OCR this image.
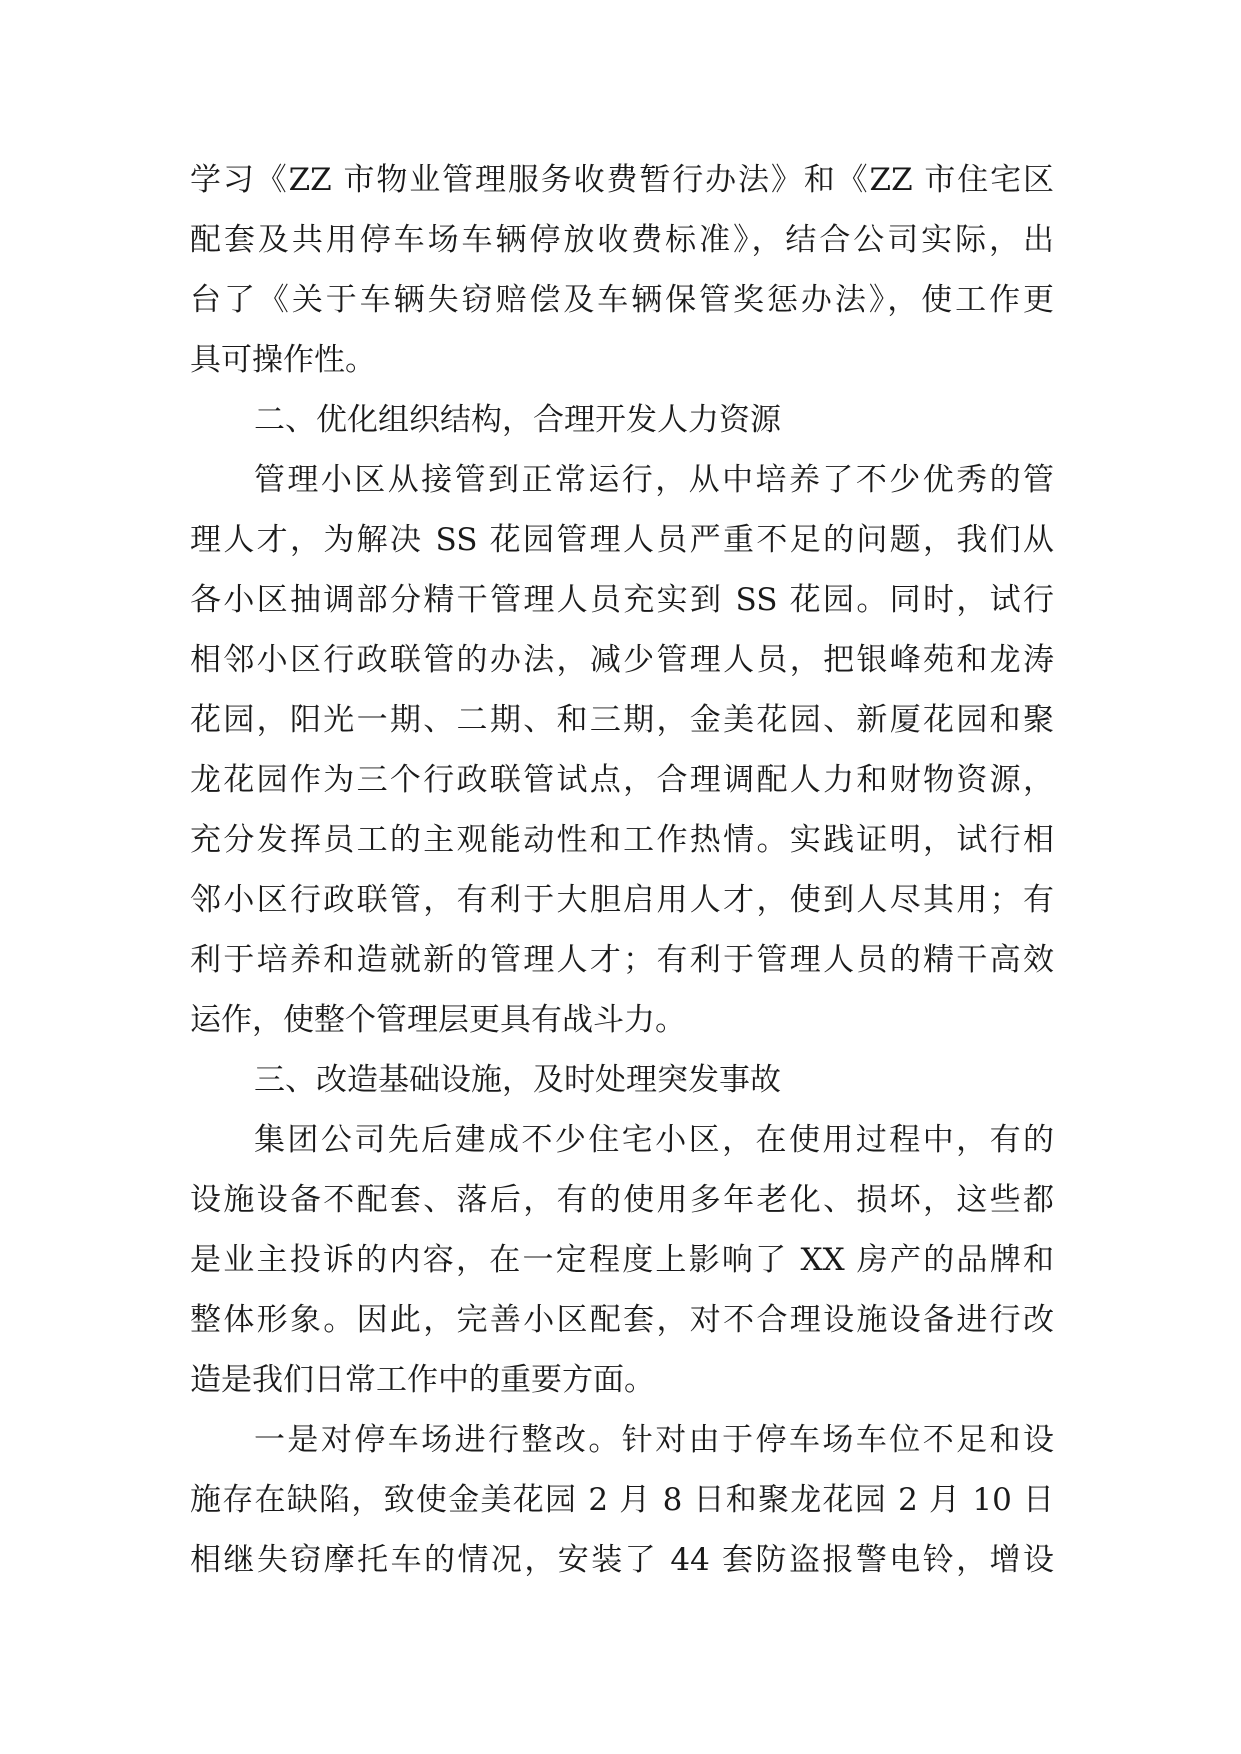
学习《ZZ 市物业管理服务收费暂行办法》和《ZZ 市住宅区
配套及共用停车场车辆停放收费标准》，结合公司实际，出
台了《关于车辆失窃赔偿及车辆保管奖惩办法》，使工作更
具可操作性。
二、优化组织结构，合理开发人力资源
管理小区从接管到正常运行，从中培养了不少优秀的管
理人才，为解决 SS 花园管理人员严重不足的问题，我们从
各小区抽调部分精干管理人员充实到 SS 花园。同时，试行
相邻小区行政联管的办法，减少管理人员，把银峰苑和龙涛
花园，阳光一期、二期、和三期，金美花园、新厦花园和聚
龙花园作为三个行政联管试点，合理调配人力和财物资源，
充分发挥员工的主观能动性和工作热情。实践证明，试行相
邻小区行政联管，有利于大胆启用人才，使到人尽其用；有
利于培养和造就新的管理人才；有利于管理人员的精干高效
运作，使整个管理层更具有战斗力。
三、改造基础设施，及时处理突发事故
集团公司先后建成不少住宅小区，在使用过程中，有的
设施设备不配套、落后，有的使用多年老化、损坏，这些都
是业主投诉的内容，在一定程度上影响了 XX 房产的品牌和
整体形象。因此，完善小区配套，对不合理设施设备进行改
造是我们日常工作中的重要方面。
一是对停车场进行整改。针对由于停车场车位不足和设
施存在缺陷，致使金美花园 2 月 8 日和聚龙花园 2 月 10 日
相继失窃摩托车的情况，安装了 44 套防盗报警电铃，增设
